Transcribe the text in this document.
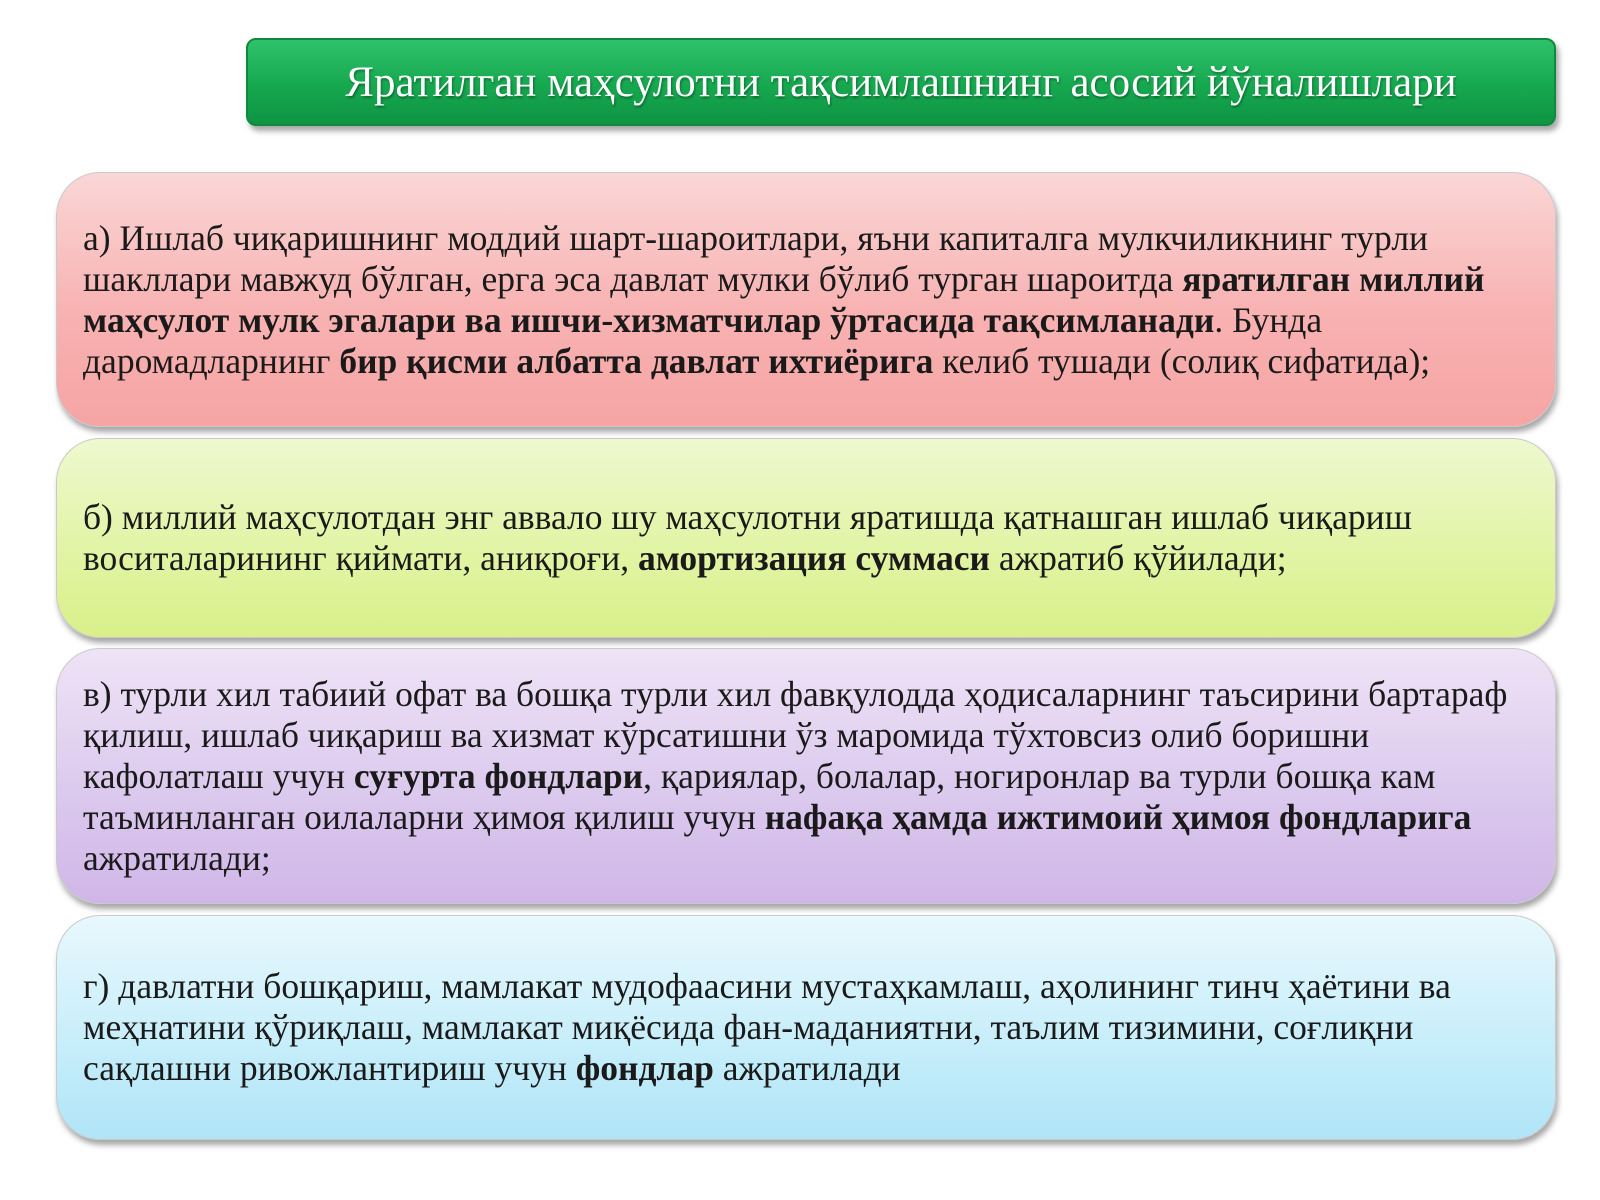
Яратилган маҳсулотни тақсимлашнинг асосий йўналишлари

а) Ишлаб чиқаришнинг моддий шарт-шароитлари, яъни капиталга мулкчиликнинг турли шакллари мавжуд бўлган, ерга эса давлат мулки бўлиб турган шароитда яратилган миллий маҳсулот мулк эгалари ва ишчи-хизматчилар ўртасида тақсимланади. Бунда даромадларнинг бир қисми албатта давлат ихтиёрига келиб тушади (солиқ сифатида);

б) миллий маҳсулотдан энг аввало шу маҳсулотни яратишда қатнашган ишлаб чиқариш воситаларининг қиймати, аниқроғи, амортизация суммаси ажратиб қўйилади;

в) турли хил табиий офат ва бошқа турли хил фавқулодда ҳодисаларнинг таъсирини бартараф қилиш, ишлаб чиқариш ва хизмат кўрсатишни ўз маромида тўхтовсиз олиб боришни кафолатлаш учун суғурта фондлари, қариялар, болалар, ногиронлар ва турли бошқа кам таъминланган оилаларни ҳимоя қилиш учун нафақа ҳамда ижтимоий ҳимоя фондларига ажратилади;

г) давлатни бошқариш, мамлакат мудофаасини мустаҳкамлаш, аҳолининг тинч ҳаётини ва меҳнатини қўриқлаш, мамлакат миқёсида фан-маданиятни, таълим тизимини, соғлиқни сақлашни ривожлантириш учун фондлар ажратилади
